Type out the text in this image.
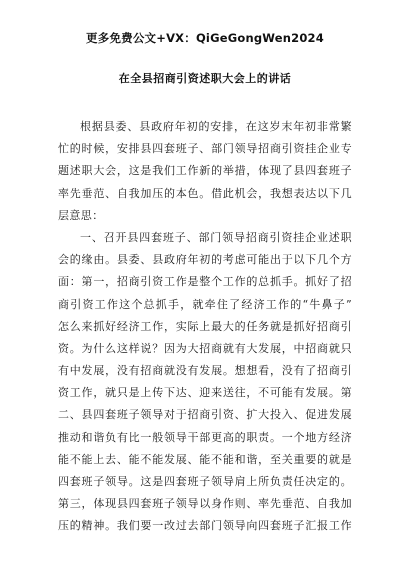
更多免费公文+VX：QiGeGongWen2024
在全县招商引资述职大会上的讲话
根据县委、县政府年初的安排，在这岁末年初非常繁
忙的时候，安排县四套班子、部门领导招商引资挂企业专
题述职大会，这是我们工作新的举措，体现了县四套班子
率先垂范、自我加压的本色。借此机会，我想表达以下几
层意思：
一、召开县四套班子、部门领导招商引资挂企业述职
会的缘由。县委、县政府年初的考虑可能出于以下几个方
面：第一，招商引资工作是整个工作的总抓手。抓好了招
商引资工作这个总抓手，就牵住了经济工作的“牛鼻子”
怎么来抓好经济工作，实际上最大的任务就是抓好招商引
资。为什么这样说？因为大招商就有大发展，中招商就只
有中发展，没有招商就没有发展。想想看，没有了招商引
资工作，就只是上传下达、迎来送往，不可能有发展。第
二、县四套班子领导对于招商引资、扩大投入、促进发展
推动和谐负有比一般领导干部更高的职责。一个地方经济
能不能上去、能不能发展、能不能和谐，至关重要的就是
四套班子领导。这是四套班子领导肩上所负责任决定的。
第三，体现县四套班子领导以身作则、率先垂范、自我加
压的精神。我们要一改过去部门领导向四套班子汇报工作
